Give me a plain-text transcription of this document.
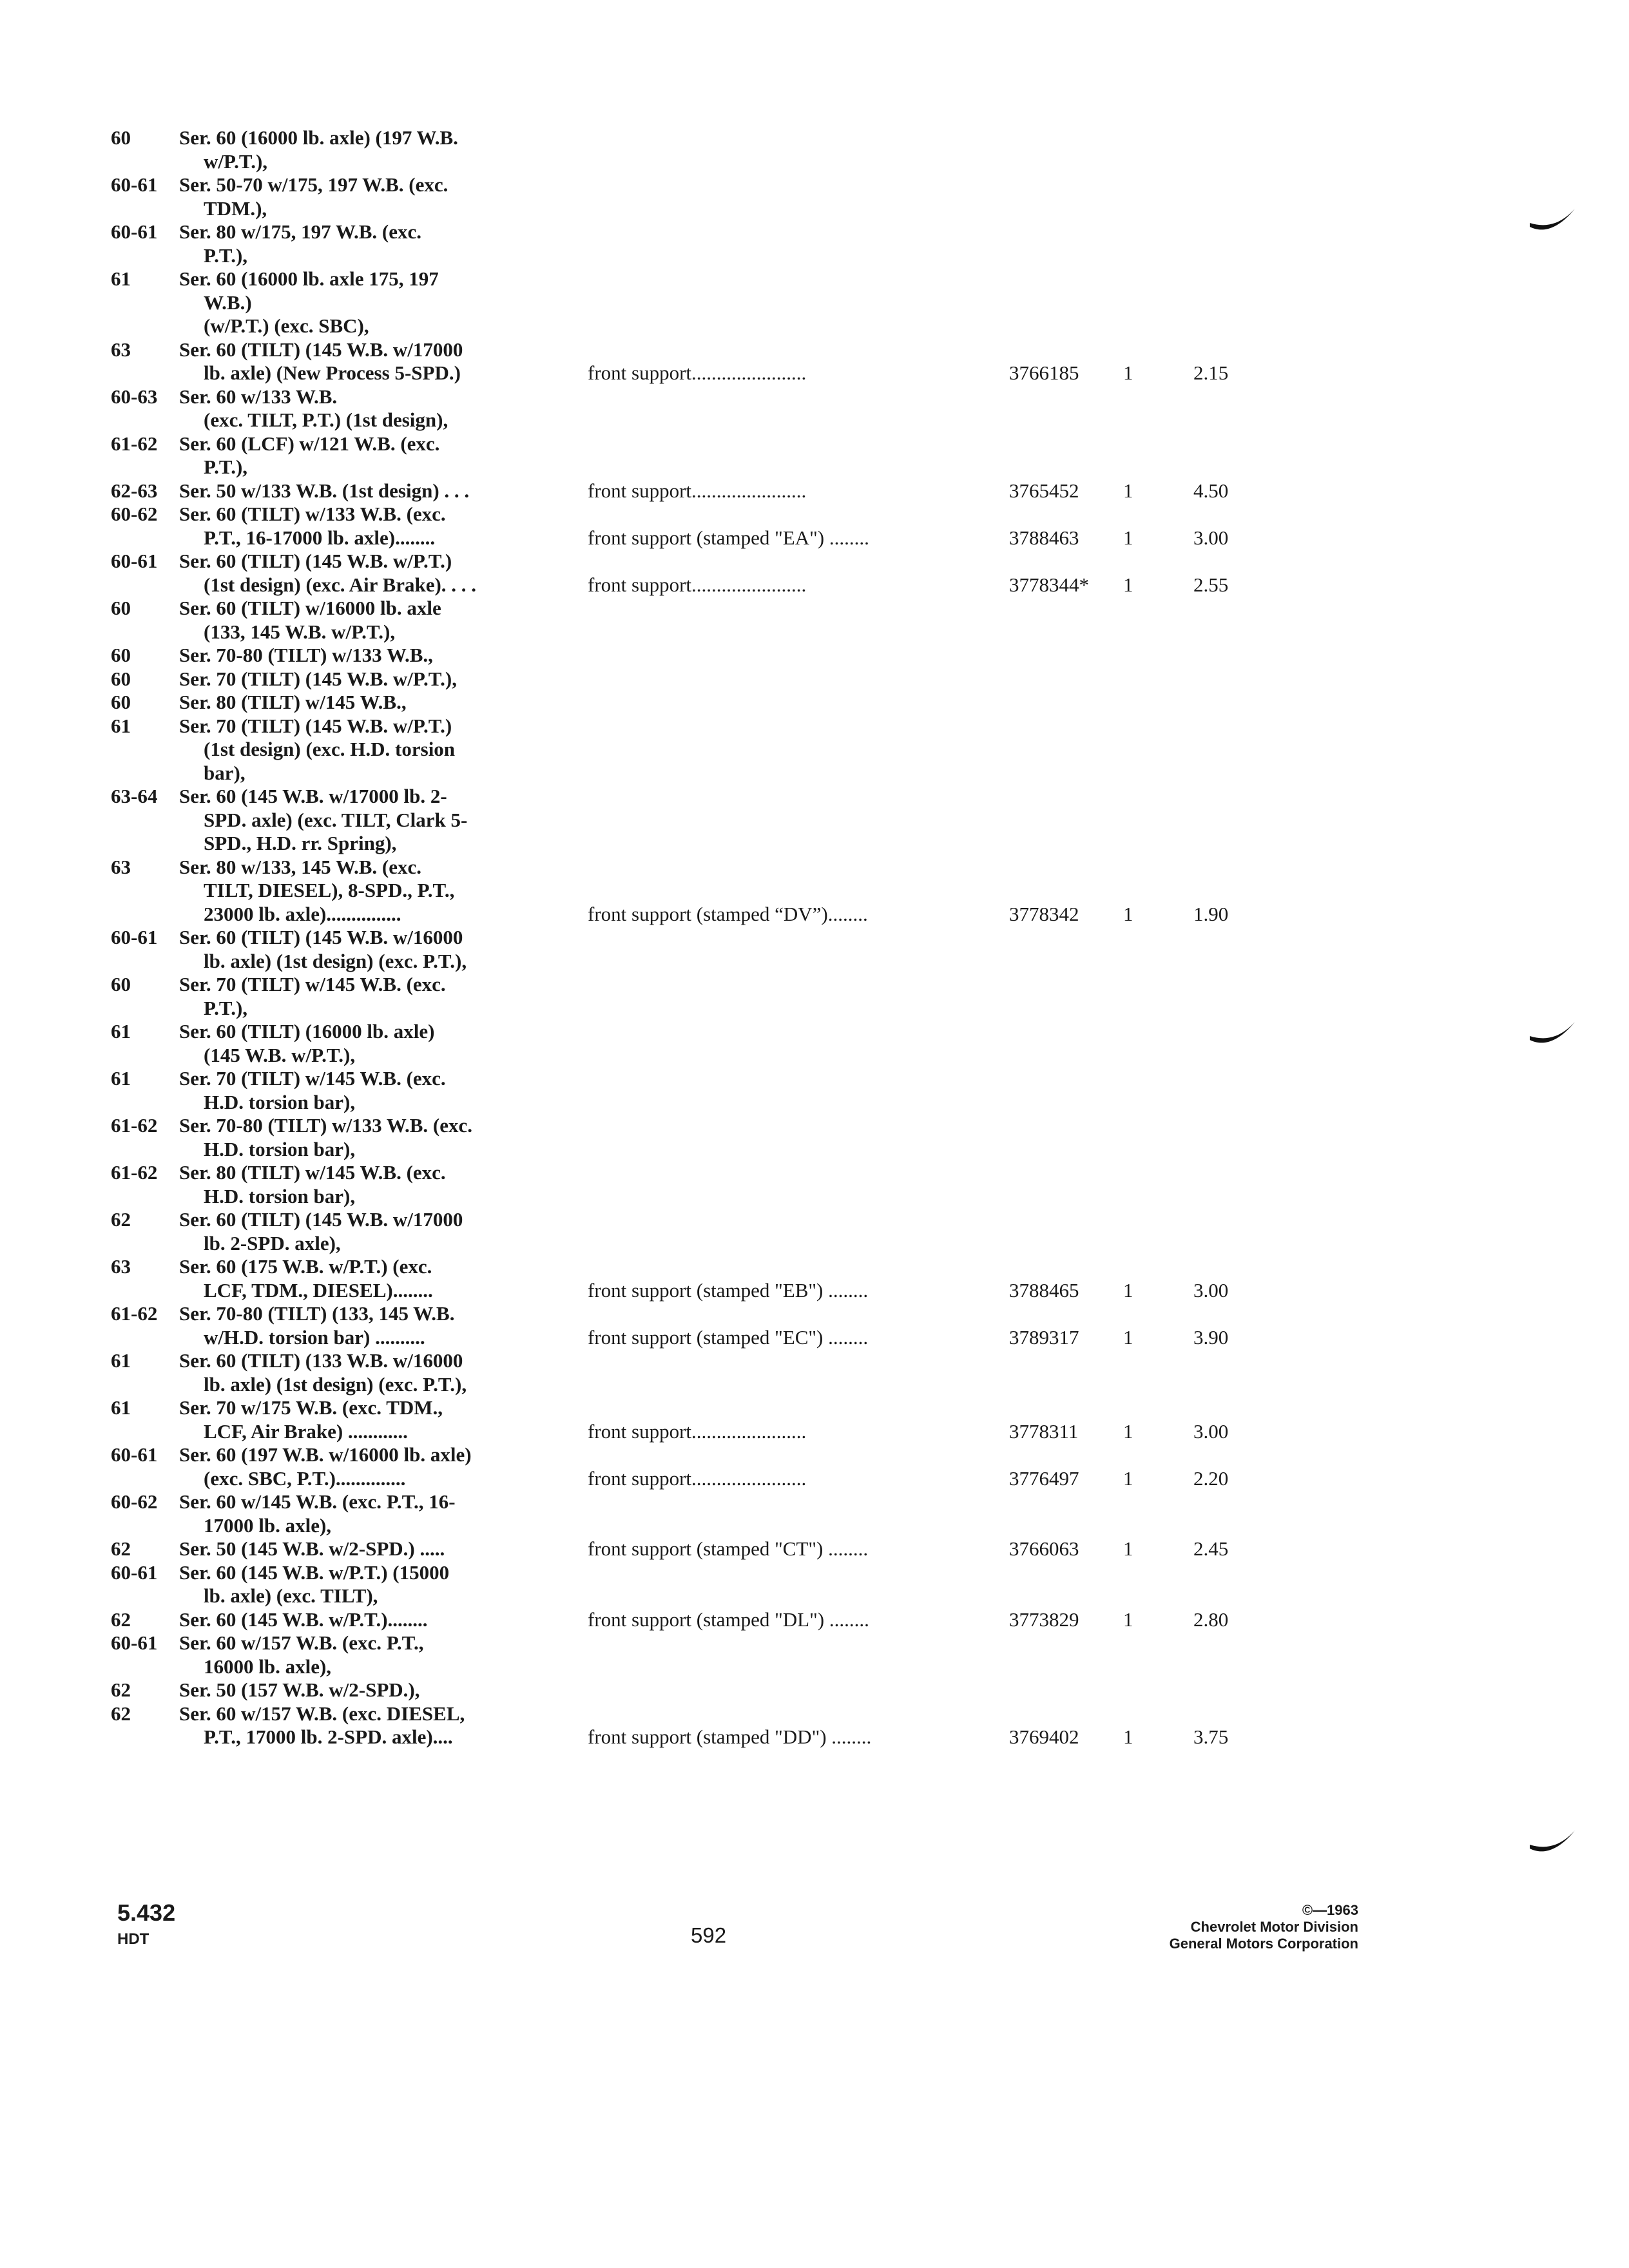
60	Ser. 60 (16000 lb. axle) (197 W.B.
w/P.T.),
60-61	Ser. 50-70 w/175, 197 W.B. (exc.
TDM.),
60-61	Ser. 80 w/175, 197 W.B. (exc.
P.T.),
61	Ser. 60 (16000 lb. axle 175, 197
W.B.)
(w/P.T.) (exc. SBC),
63	Ser. 60 (TILT) (145 W.B. w/17000
lb. axle) (New Process 5-SPD.)	front support.......................	3766185 1	2.15
60-63	Ser. 60 w/133 W.B.
(exc. TILT, P.T.) (1st design),
61-62	Ser. 60 (LCF) w/121 W.B. (exc.
P.T.),
62-63	Ser. 50 w/133 W.B. (1st design) . . .	front support.......................	3765452 1	4.50
60-62	Ser. 60 (TILT) w/133 W.B. (exc.
P.T., 16-17000 lb. axle)........	front support (stamped "EA") ........	3788463 1	3.00
60-61	Ser. 60 (TILT) (145 W.B. w/P.T.)
(1st design) (exc. Air Brake). . . .	front support.......................	3778344* 1	2.55
60	Ser. 60 (TILT) w/16000 lb. axle
(133, 145 W.B. w/P.T.),
60	Ser. 70-80 (TILT) w/133 W.B.,
60	Ser. 70 (TILT) (145 W.B. w/P.T.),
60	Ser. 80 (TILT) w/145 W.B.,
61	Ser. 70 (TILT) (145 W.B. w/P.T.)
(1st design) (exc. H.D. torsion
bar),
63-64	Ser. 60 (145 W.B. w/17000 lb. 2-
SPD. axle) (exc. TILT, Clark 5-
SPD., H.D. rr. Spring),
63	Ser. 80 w/133, 145 W.B. (exc.
TILT, DIESEL), 8-SPD., P.T.,
23000 lb. axle)...............	front support (stamped “DV”)........	3778342 1	1.90
60-61	Ser. 60 (TILT) (145 W.B. w/16000
lb. axle) (1st design) (exc. P.T.),
60	Ser. 70 (TILT) w/145 W.B. (exc.
P.T.),
61	Ser. 60 (TILT) (16000 lb. axle)
(145 W.B. w/P.T.),
61	Ser. 70 (TILT) w/145 W.B. (exc.
H.D. torsion bar),
61-62	Ser. 70-80 (TILT) w/133 W.B. (exc.
H.D. torsion bar),
61-62	Ser. 80 (TILT) w/145 W.B. (exc.
H.D. torsion bar),
62	Ser. 60 (TILT) (145 W.B. w/17000
lb. 2-SPD. axle),
63	Ser. 60 (175 W.B. w/P.T.) (exc.
LCF, TDM., DIESEL)........	front support (stamped "EB") ........	3788465 1	3.00
61-62	Ser. 70-80 (TILT) (133, 145 W.B.
w/H.D. torsion bar) ..........	front support (stamped "EC") ........	3789317 1	3.90
61	Ser. 60 (TILT) (133 W.B. w/16000
lb. axle) (1st design) (exc. P.T.),
61	Ser. 70 w/175 W.B. (exc. TDM.,
LCF, Air Brake) ............	front support.......................	3778311 1	3.00
60-61	Ser. 60 (197 W.B. w/16000 lb. axle)
(exc. SBC, P.T.)..............	front support.......................	3776497 1	2.20
60-62	Ser. 60 w/145 W.B. (exc. P.T., 16-
17000 lb. axle),
62	Ser. 50 (145 W.B. w/2-SPD.) .....	front support (stamped "CT") ........	3766063 1	2.45
60-61	Ser. 60 (145 W.B. w/P.T.) (15000
lb. axle) (exc. TILT),
62	Ser. 60 (145 W.B. w/P.T.)........	front support (stamped "DL") ........	3773829 1	2.80
60-61	Ser. 60 w/157 W.B. (exc. P.T.,
16000 lb. axle),
62	Ser. 50 (157 W.B. w/2-SPD.),
62	Ser. 60 w/157 W.B. (exc. DIESEL,
P.T., 17000 lb. 2-SPD. axle)....	front support (stamped "DD") ........	3769402 1	3.75
5.432
HDT	592
©—1963
Chevrolet Motor Division
General Motors Corporation
